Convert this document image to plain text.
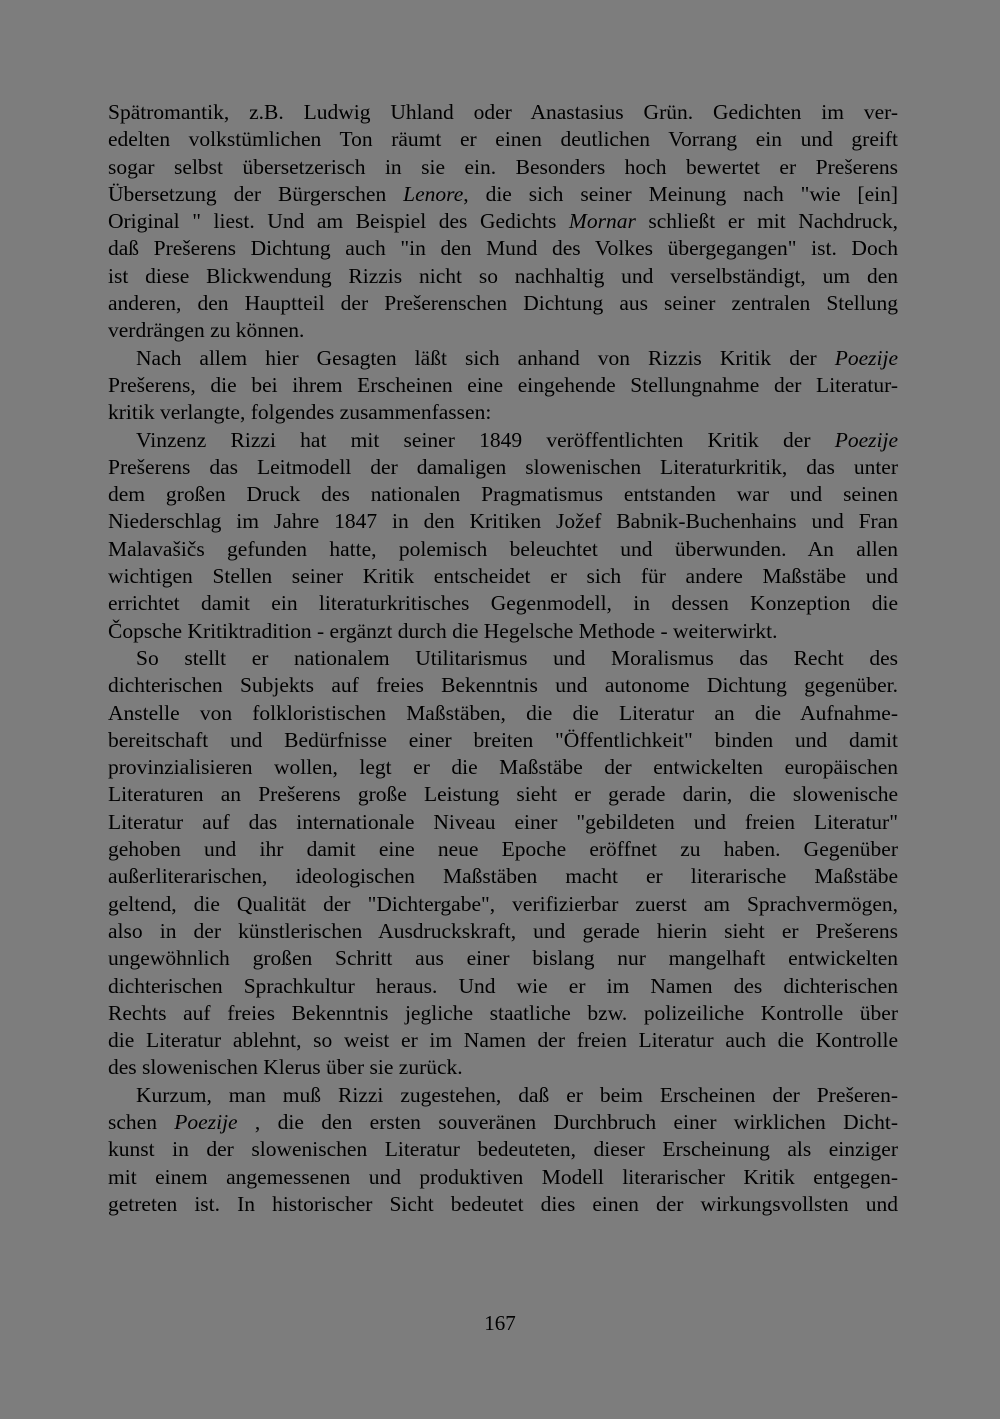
Spätromantik, z.B. Ludwig Uhland oder Anastasius Grün. Gedichten im ver-
edelten volkstümlichen Ton räumt er einen deutlichen Vorrang ein und greift
sogar selbst übersetzerisch in sie ein. Besonders hoch bewertet er Prešerens
Übersetzung der Bürgerschen Lenore, die sich seiner Meinung nach "wie [ein]
Original " liest. Und am Beispiel des Gedichts Mornar schließt er mit Nachdruck,
daß Prešerens Dichtung auch "in den Mund des Volkes übergegangen" ist. Doch
ist diese Blickwendung Rizzis nicht so nachhaltig und verselbständigt, um den
anderen, den Hauptteil der Prešerenschen Dichtung aus seiner zentralen Stellung
verdrängen zu können.

Nach allem hier Gesagten läßt sich anhand von Rizzis Kritik der Poezije
Prešerens, die bei ihrem Erscheinen eine eingehende Stellungnahme der Literatur-
kritik verlangte, folgendes zusammenfassen:

Vinzenz Rizzi hat mit seiner 1849 veröffentlichten Kritik der Poezije
Prešerens das Leitmodell der damaligen slowenischen Literaturkritik, das unter
dem großen Druck des nationalen Pragmatismus entstanden war und seinen
Niederschlag im Jahre 1847 in den Kritiken Jožef Babnik-Buchenhains und Fran
Malavašičs gefunden hatte, polemisch beleuchtet und überwunden. An allen
wichtigen Stellen seiner Kritik entscheidet er sich für andere Maßstäbe und
errichtet damit ein literaturkritisches Gegenmodell, in dessen Konzeption die
Čopsche Kritiktradition - ergänzt durch die Hegelsche Methode - weiterwirkt.

So stellt er nationalem Utilitarismus und Moralismus das Recht des
dichterischen Subjekts auf freies Bekenntnis und autonome Dichtung gegenüber.
Anstelle von folkloristischen Maßstäben, die die Literatur an die Aufnahme-
bereitschaft und Bedürfnisse einer breiten "Öffentlichkeit" binden und damit
provinzialisieren wollen, legt er die Maßstäbe der entwickelten europäischen
Literaturen an Prešerens große Leistung sieht er gerade darin, die slowenische
Literatur auf das internationale Niveau einer "gebildeten und freien Literatur"
gehoben und ihr damit eine neue Epoche eröffnet zu haben. Gegenüber
außerliterarischen, ideologischen Maßstäben macht er literarische Maßstäbe
geltend, die Qualität der "Dichtergabe", verifizierbar zuerst am Sprachvermögen,
also in der künstlerischen Ausdruckskraft, und gerade hierin sieht er Prešerens
ungewöhnlich großen Schritt aus einer bislang nur mangelhaft entwickelten
dichterischen Sprachkultur heraus. Und wie er im Namen des dichterischen
Rechts auf freies Bekenntnis jegliche staatliche bzw. polizeiliche Kontrolle über
die Literatur ablehnt, so weist er im Namen der freien Literatur auch die Kontrolle
des slowenischen Klerus über sie zurück.

Kurzum, man muß Rizzi zugestehen, daß er beim Erscheinen der Prešeren-
schen Poezije , die den ersten souveränen Durchbruch einer wirklichen Dicht-
kunst in der slowenischen Literatur bedeuteten, dieser Erscheinung als einziger
mit einem angemessenen und produktiven Modell literarischer Kritik entgegen-
getreten ist. In historischer Sicht bedeutet dies einen der wirkungsvollsten und

167
